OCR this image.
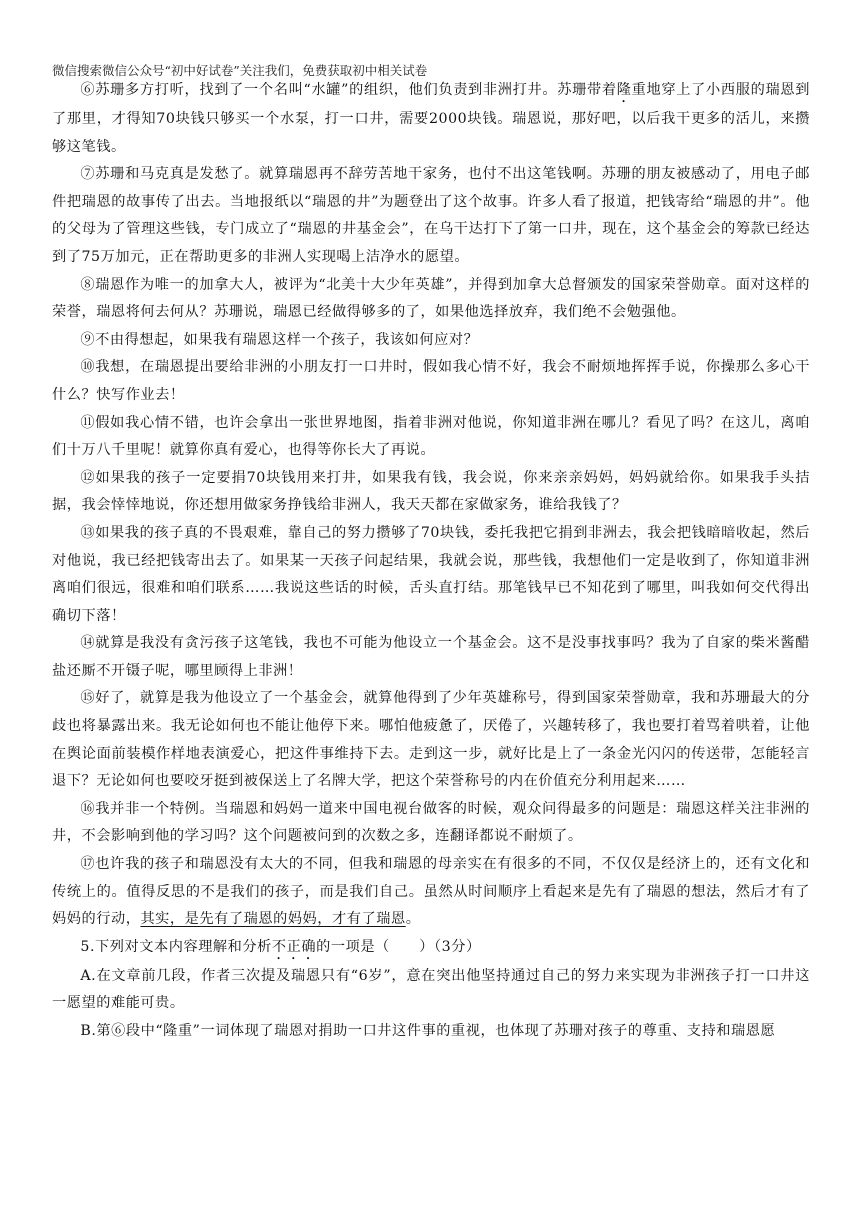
微信搜索微信公众号“初中好试卷”关注我们，免费获取初中相关试卷

⑥苏珊多方打听，找到了一个名叫“水罐”的组织，他们负责到非洲打井。苏珊带着隆重地穿上了小西服的瑞恩到了那里，才得知70块钱只够买一个水泵，打一口井，需要2000块钱。瑞恩说，那好吧，以后我干更多的活儿，来攒够这笔钱。

⑦苏珊和马克真是发愁了。就算瑞恩再不辞劳苦地干家务，也付不出这笔钱啊。苏珊的朋友被感动了，用电子邮件把瑞恩的故事传了出去。当地报纸以“瑞恩的井”为题登出了这个故事。许多人看了报道，把钱寄给“瑞恩的井”。他的父母为了管理这些钱，专门成立了“瑞恩的井基金会”，在乌干达打下了第一口井，现在，这个基金会的筹款已经达到了75万加元，正在帮助更多的非洲人实现喝上洁净水的愿望。

⑧瑞恩作为唯一的加拿大人，被评为“北美十大少年英雄”，并得到加拿大总督颁发的国家荣誉勋章。面对这样的荣誉，瑞恩将何去何从？苏珊说，瑞恩已经做得够多的了，如果他选择放弃，我们绝不会勉强他。

⑨不由得想起，如果我有瑞恩这样一个孩子，我该如何应对？

⑩我想，在瑞恩提出要给非洲的小朋友打一口井时，假如我心情不好，我会不耐烦地挥挥手说，你操那么多心干什么？快写作业去！

⑪假如我心情不错，也许会拿出一张世界地图，指着非洲对他说，你知道非洲在哪儿？看见了吗？在这儿，离咱们十万八千里呢！就算你真有爱心，也得等你长大了再说。

⑫如果我的孩子一定要捐70块钱用来打井，如果我有钱，我会说，你来亲亲妈妈，妈妈就给你。如果我手头拮据，我会悻悻地说，你还想用做家务挣钱给非洲人，我天天都在家做家务，谁给我钱了？

⑬如果我的孩子真的不畏艰难，靠自己的努力攒够了70块钱，委托我把它捐到非洲去，我会把钱暗暗收起，然后对他说，我已经把钱寄出去了。如果某一天孩子问起结果，我就会说，那些钱，我想他们一定是收到了，你知道非洲离咱们很远，很难和咱们联系……我说这些话的时候，舌头直打结。那笔钱早已不知花到了哪里，叫我如何交代得出确切下落！

⑭就算是我没有贪污孩子这笔钱，我也不可能为他设立一个基金会。这不是没事找事吗？我为了自家的柴米酱醋盐还厮不开镊子呢，哪里顾得上非洲！

⑮好了，就算是我为他设立了一个基金会，就算他得到了少年英雄称号，得到国家荣誉勋章，我和苏珊最大的分歧也将暴露出来。我无论如何也不能让他停下来。哪怕他疲惫了，厌倦了，兴趣转移了，我也要打着骂着哄着，让他在舆论面前装模作样地表演爱心，把这件事维持下去。走到这一步，就好比是上了一条金光闪闪的传送带，怎能轻言退下？无论如何也要咬牙挺到被保送上了名牌大学，把这个荣誉称号的内在价值充分利用起来……

⑯我并非一个特例。当瑞恩和妈妈一道来中国电视台做客的时候，观众问得最多的问题是：瑞恩这样关注非洲的井，不会影响到他的学习吗？这个问题被问到的次数之多，连翻译都说不耐烦了。

⑰也许我的孩子和瑞恩没有太大的不同，但我和瑞恩的母亲实在有很多的不同，不仅仅是经济上的，还有文化和传统上的。值得反思的不是我们的孩子，而是我们自己。虽然从时间顺序上看起来是先有了瑞恩的想法，然后才有了妈妈的行动，其实，是先有了瑞恩的妈妈，才有了瑞恩。

5.下列对文本内容理解和分析不正确的一项是（　　）（3分）

A.在文章前几段，作者三次提及瑞恩只有“6岁”，意在突出他坚持通过自己的努力来实现为非洲孩子打一口井这一愿望的难能可贵。

B.第⑥段中“隆重”一词体现了瑞恩对捐助一口井这件事的重视，也体现了苏珊对孩子的尊重、支持和瑞恩愿
